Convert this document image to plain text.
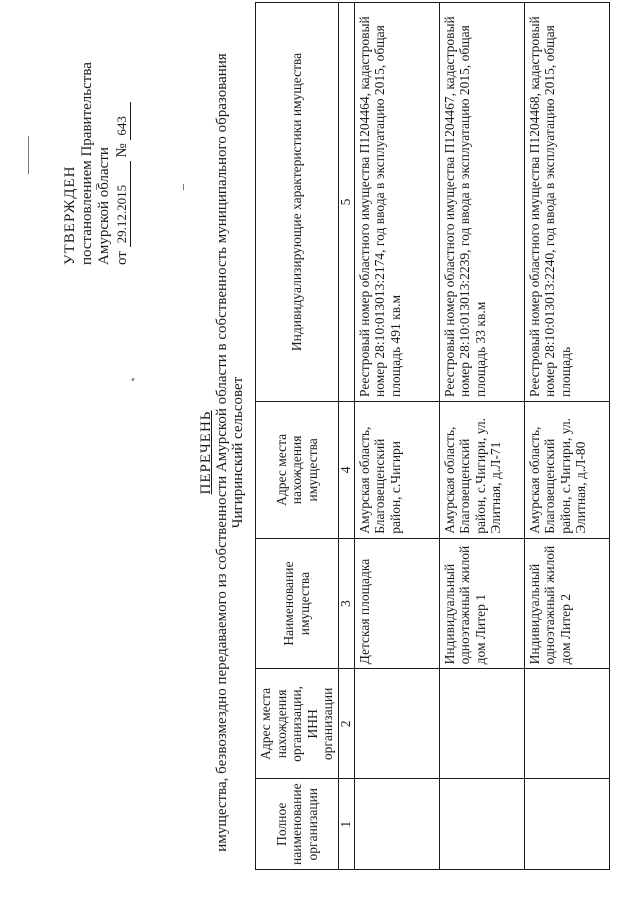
УТВЕРЖДЕН постановлением Правительства Амурской области от 29.12.2015 № 643
ПЕРЕЧЕНЬ имущества, безвозмездно передаваемого из собственности Амурской области в собственность муниципального образования Чигиринский сельсовет
Полное наименование организации	Адрес места нахождения организации, ИНН организации	Наименование имущества	Адрес места нахождения имущества	Индивидуализирующие характеристики имущества
1	2	3	4	5
		Детская площадка	Амурская область, Благовещенский район, с.Чигири	Реестровый номер областного имущества П1204464, кадастровый номер 28:10:013013:2174, год ввода в эксплуатацию 2015, общая площадь 491 кв.м
		Индивидуальный одноэтажный жилой дом Литер 1	Амурская область, Благовещенский район, с.Чигири, ул. Элитная, д.Л-71	Реестровый номер областного имущества П1204467, кадастровый номер 28:10:013013:2239, год ввода в эксплуатацию 2015, общая площадь 33 кв.м
		Индивидуальный одноэтажный жилой дом Литер 2	Амурская область, Благовещенский район, с.Чигири, ул. Элитная, д.Л-80	Реестровый номер областного имущества П1204468, кадастровый номер 28:10:013013:2240, год ввода в эксплуатацию 2015, общая площадь
